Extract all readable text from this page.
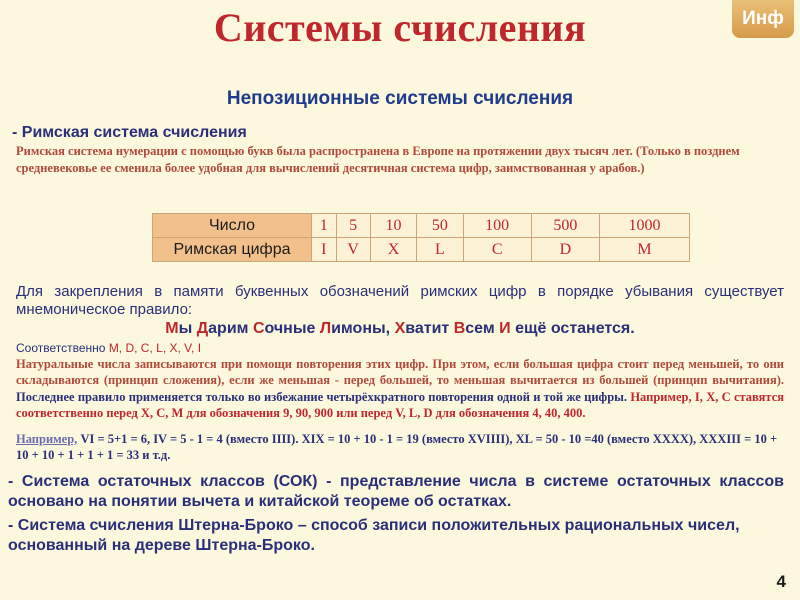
Инф
Системы счисления
Непозиционные системы счисления
- Римская система счисления
Римская система нумерации с помощью букв была распространена в Европе на протяжении двух тысяч лет. (Только в позднем средневековье ее сменила более удобная для вычислений десятичная система цифр, заимствованная у арабов.)
Число	1	5	10	50	100	500	1000
Римская цифра	I	V	X	L	C	D	M
Для закрепления в памяти буквенных обозначений римских цифр в порядке убывания существует мнемоническое правило:
Мы Дарим Сочные Лимоны, Хватит Всем И ещё останется.
Соответственно M, D, C, L, X, V, I
Натуральные числа записываются при помощи повторения этих цифр. При этом, если большая цифра стоит перед меньшей, то они складываются (принцип сложения), если же меньшая - перед большей, то меньшая вычитается из большей (принцип вычитания). Последнее правило применяется только во избежание четырёхкратного повторения одной и той же цифры. Например, I, X, C ставятся соответственно перед X, C, M для обозначения 9, 90, 900 или перед V, L, D для обозначения 4, 40, 400.
Например, VI = 5+1 = 6, IV = 5 - 1 = 4 (вместо IIII). XIX = 10 + 10 - 1 = 19 (вместо XVIIII), XL = 50 - 10 =40 (вместо XXXX), XXXIII = 10 + 10 + 10 + 1 + 1 + 1 = 33 и т.д.
- Система остаточных классов (СОК) - представление числа в системе остаточных классов основано на понятии вычета и китайской теореме об остатках.
- Система счисления Штерна-Броко – способ записи положительных рациональных чисел, основанный на дереве Штерна-Броко.
4
